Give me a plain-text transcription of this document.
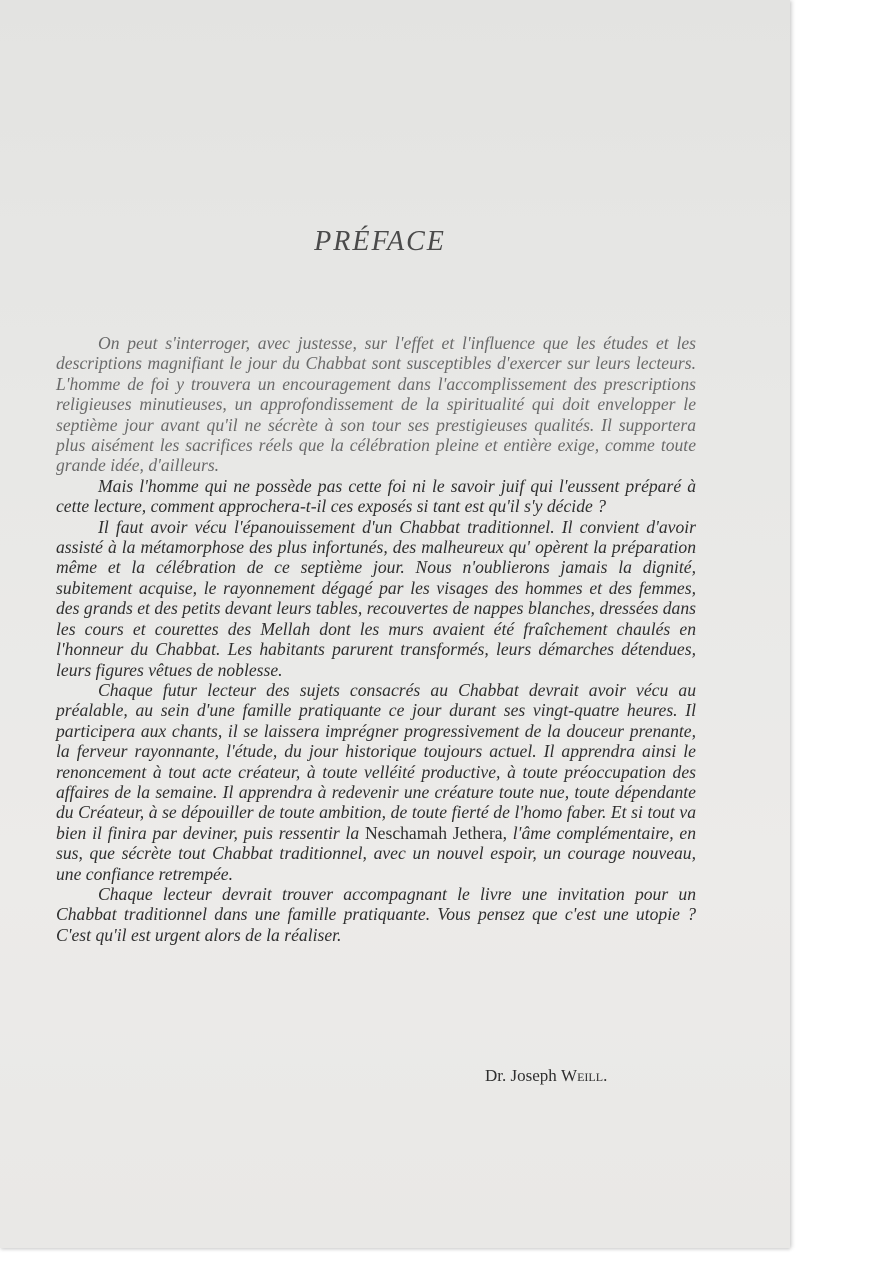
PRÉFACE

On peut s'interroger, avec justesse, sur l'effet et l'influence que les études et les descriptions magnifiant le jour du Chabbat sont susceptibles d'exercer sur leurs lecteurs. L'homme de foi y trouvera un encouragement dans l'accomplissement des prescriptions religieuses minutieuses, un approfondissement de la spiritualité qui doit envelopper le septième jour avant qu'il ne sécrète à son tour ses prestigieuses qualités. Il supportera plus aisément les sacrifices réels que la célébration pleine et entière exige, comme toute grande idée, d'ailleurs.

Mais l'homme qui ne possède pas cette foi ni le savoir juif qui l'eussent préparé à cette lecture, comment approchera-t-il ces exposés si tant est qu'il s'y décide ?

Il faut avoir vécu l'épanouissement d'un Chabbat traditionnel. Il convient d'avoir assisté à la métamorphose des plus infortunés, des malheureux qu' opèrent la préparation même et la célébration de ce septième jour. Nous n'oublierons jamais la dignité, subitement acquise, le rayonnement dégagé par les visages des hommes et des femmes, des grands et des petits devant leurs tables, recouvertes de nappes blanches, dressées dans les cours et courettes des Mellah dont les murs avaient été fraîchement chaulés en l'honneur du Chabbat. Les habitants parurent transformés, leurs démarches détendues, leurs figures vêtues de noblesse.

Chaque futur lecteur des sujets consacrés au Chabbat devrait avoir vécu au préalable, au sein d'une famille pratiquante ce jour durant ses vingt-quatre heures. Il participera aux chants, il se laissera imprégner progressivement de la douceur prenante, la ferveur rayonnante, l'étude, du jour historique toujours actuel. Il apprendra ainsi le renoncement à tout acte créateur, à toute velléité productive, à toute préoccupation des affaires de la semaine. Il apprendra à redevenir une créature toute nue, toute dépendante du Créateur, à se dépouiller de toute ambition, de toute fierté de l'homo faber. Et si tout va bien il finira par deviner, puis ressentir la Neschamah Jethera, l'âme complémentaire, en sus, que sécrète tout Chabbat traditionnel, avec un nouvel espoir, un courage nouveau, une confiance retrempée.

Chaque lecteur devrait trouver accompagnant le livre une invitation pour un Chabbat traditionnel dans une famille pratiquante. Vous pensez que c'est une utopie ? C'est qu'il est urgent alors de la réaliser.

Dr. Joseph Weill.
